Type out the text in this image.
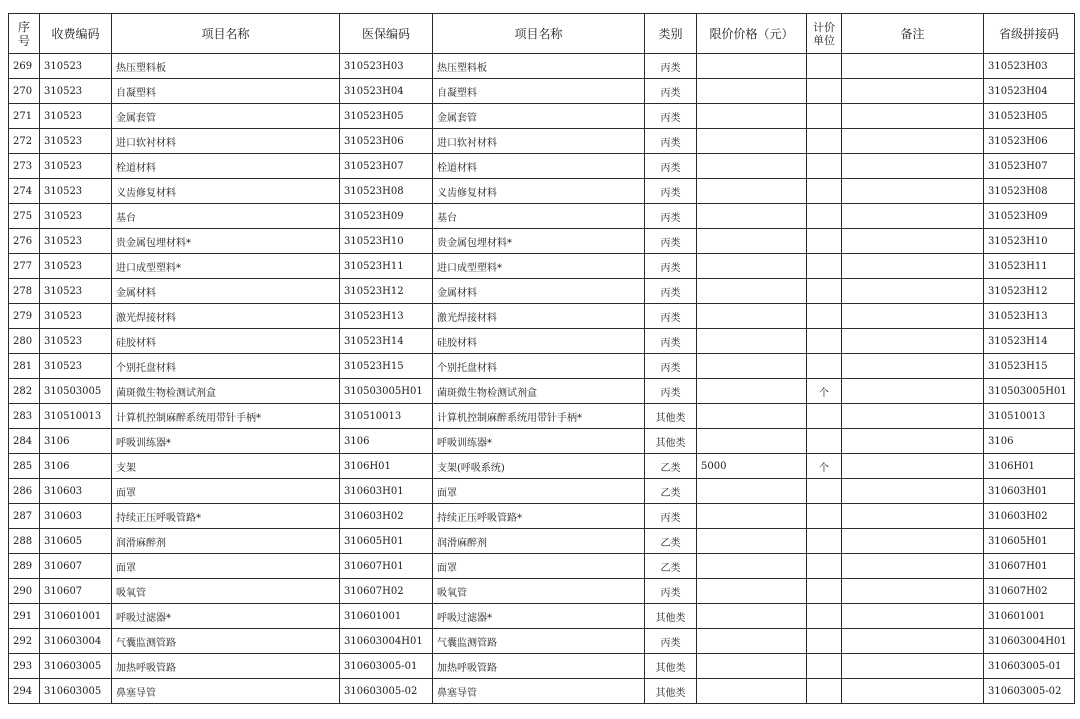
序号	收费编码	项目名称	医保编码	项目名称	类别	限价价格（元）	计价单位	备注	省级拼接码
269	310523	热压塑料板	310523H03	热压塑料板	丙类				310523H03
270	310523	自凝塑料	310523H04	自凝塑料	丙类				310523H04
271	310523	金属套管	310523H05	金属套管	丙类				310523H05
272	310523	进口软衬材料	310523H06	进口软衬材料	丙类				310523H06
273	310523	栓道材料	310523H07	栓道材料	丙类				310523H07
274	310523	义齿修复材料	310523H08	义齿修复材料	丙类				310523H08
275	310523	基台	310523H09	基台	丙类				310523H09
276	310523	贵金属包埋材料*	310523H10	贵金属包埋材料*	丙类				310523H10
277	310523	进口成型塑料*	310523H11	进口成型塑料*	丙类				310523H11
278	310523	金属材料	310523H12	金属材料	丙类				310523H12
279	310523	激光焊接材料	310523H13	激光焊接材料	丙类				310523H13
280	310523	硅胶材料	310523H14	硅胶材料	丙类				310523H14
281	310523	个别托盘材料	310523H15	个别托盘材料	丙类				310523H15
282	310503005	菌斑微生物检测试剂盒	310503005H01	菌斑微生物检测试剂盒	丙类		个		310503005H01
283	310510013	计算机控制麻醉系统用带针手柄*	310510013	计算机控制麻醉系统用带针手柄*	其他类				310510013
284	3106	呼吸训练器*	3106	呼吸训练器*	其他类				3106
285	3106	支架	3106H01	支架(呼吸系统)	乙类	5000	个		3106H01
286	310603	面罩	310603H01	面罩	乙类				310603H01
287	310603	持续正压呼吸管路*	310603H02	持续正压呼吸管路*	丙类				310603H02
288	310605	润滑麻醉剂	310605H01	润滑麻醉剂	乙类				310605H01
289	310607	面罩	310607H01	面罩	乙类				310607H01
290	310607	吸氧管	310607H02	吸氧管	丙类				310607H02
291	310601001	呼吸过滤器*	310601001	呼吸过滤器*	其他类				310601001
292	310603004	气囊监测管路	310603004H01	气囊监测管路	丙类				310603004H01
293	310603005	加热呼吸管路	310603005-01	加热呼吸管路	其他类				310603005-01
294	310603005	鼻塞导管	310603005-02	鼻塞导管	其他类				310603005-02
